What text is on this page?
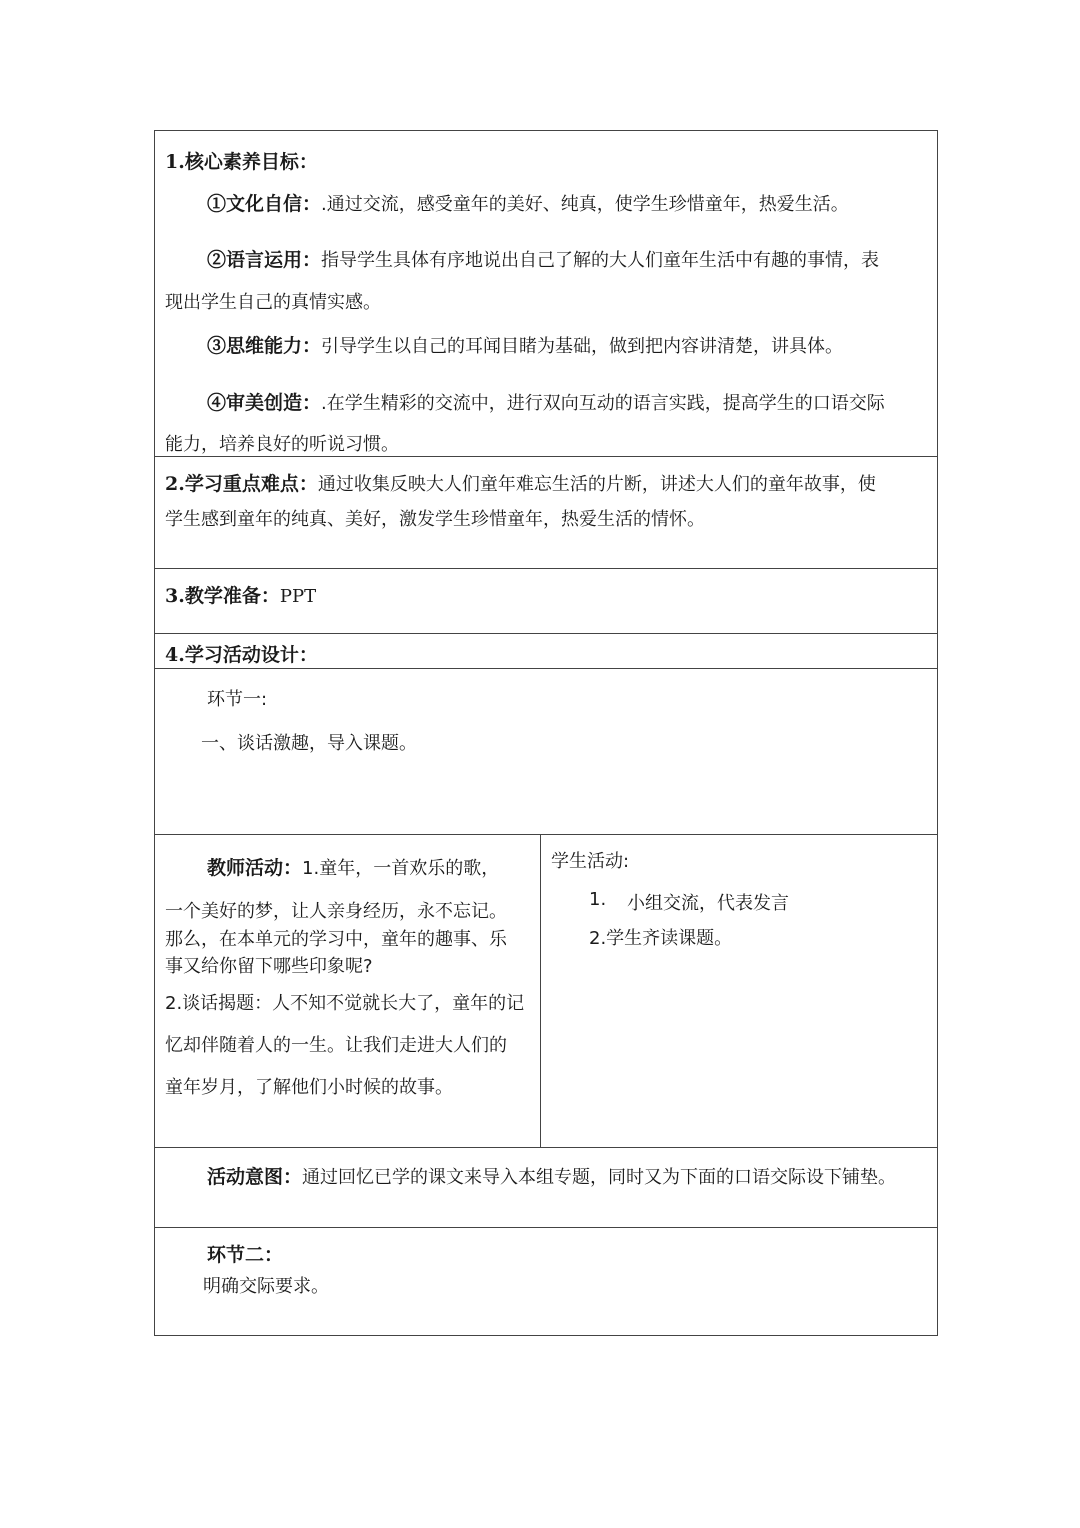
1.核心素养目标：
①文化自信：.通过交流，感受童年的美好、纯真，使学生珍惜童年，热爱生活。
②语言运用：指导学生具体有序地说出自己了解的大人们童年生活中有趣的事情，表
现出学生自己的真情实感。
③思维能力：引导学生以自己的耳闻目睹为基础，做到把内容讲清楚，讲具体。
④审美创造：.在学生精彩的交流中，进行双向互动的语言实践，提高学生的口语交际
能力，培养良好的听说习惯。
2.学习重点难点：通过收集反映大人们童年难忘生活的片断，讲述大人们的童年故事，使
学生感到童年的纯真、美好，激发学生珍惜童年，热爱生活的情怀。
3.教学准备：PPT
4.学习活动设计：
环节一:
一、谈话激趣，导入课题。
教师活动：1.童年，一首欢乐的歌，
一个美好的梦，让人亲身经历，永不忘记。
那么，在本单元的学习中，童年的趣事、乐
事又给你留下哪些印象呢?
2.谈话揭题：人不知不觉就长大了，童年的记
忆却伴随着人的一生。让我们走进大人们的
童年岁月，了解他们小时候的故事。
学生活动:
1. 小组交流，代表发言
2.学生齐读课题。
活动意图：通过回忆已学的课文来导入本组专题，同时又为下面的口语交际设下铺垫。
环节二：
明确交际要求。
